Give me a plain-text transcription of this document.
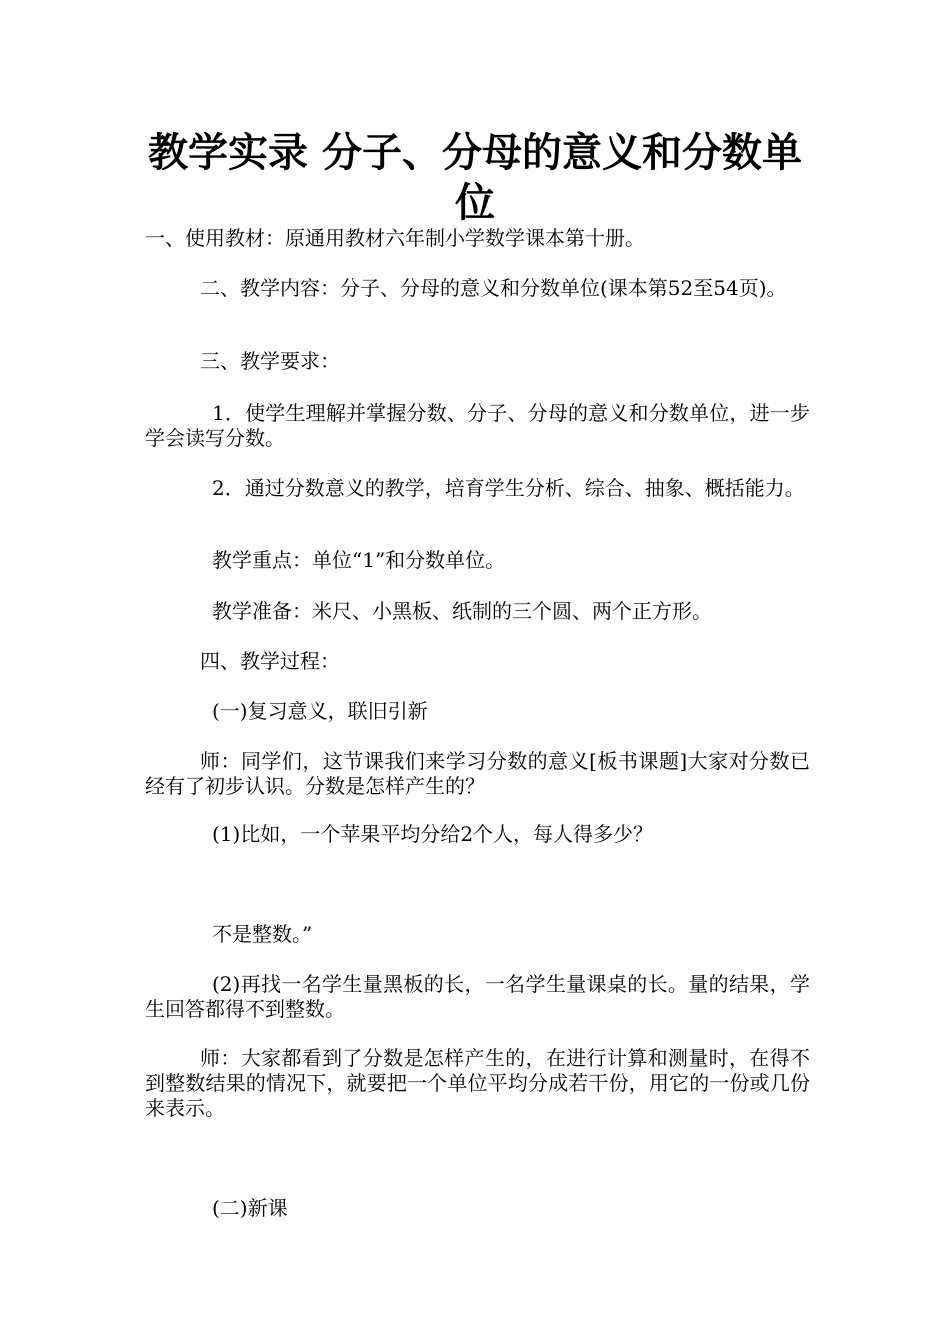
教学实录 分子、分母的意义和分数单位

一、使用教材：原通用教材六年制小学数学课本第十册。

二、教学内容：分子、分母的意义和分数单位(课本第52至54页)。

三、教学要求：

1．使学生理解并掌握分数、分子、分母的意义和分数单位，进一步学会读写分数。

2．通过分数意义的教学，培育学生分析、综合、抽象、概括能力。

教学重点：单位“1”和分数单位。

教学准备：米尺、小黑板、纸制的三个圆、两个正方形。

四、教学过程：

(一)复习意义，联旧引新

师：同学们，这节课我们来学习分数的意义[板书课题]大家对分数已经有了初步认识。分数是怎样产生的？

(1)比如，一个苹果平均分给2个人，每人得多少？

不是整数。”

(2)再找一名学生量黑板的长，一名学生量课桌的长。量的结果，学生回答都得不到整数。

师：大家都看到了分数是怎样产生的，在进行计算和测量时，在得不到整数结果的情况下，就要把一个单位平均分成若干份，用它的一份或几份来表示。

(二)新课
